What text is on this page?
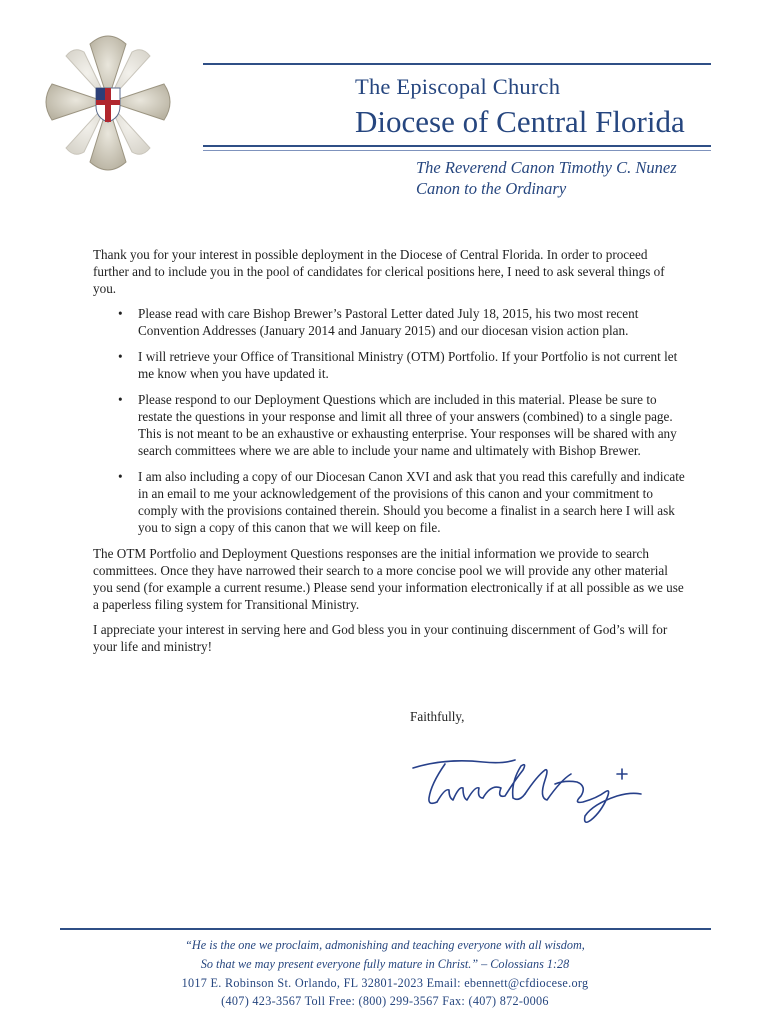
The Episcopal Church
Diocese of Central Florida
The Reverend Canon Timothy C. Nunez
Canon to the Ordinary

Thank you for your interest in possible deployment in the Diocese of Central Florida. In order to proceed further and to include you in the pool of candidates for clerical positions here, I need to ask several things of you.

• Please read with care Bishop Brewer’s Pastoral Letter dated July 18, 2015, his two most recent Convention Addresses (January 2014 and January 2015) and our diocesan vision action plan.
• I will retrieve your Office of Transitional Ministry (OTM) Portfolio. If your Portfolio is not current let me know when you have updated it.
• Please respond to our Deployment Questions which are included in this material. Please be sure to restate the questions in your response and limit all three of your answers (combined) to a single page. This is not meant to be an exhaustive or exhausting enterprise. Your responses will be shared with any search committees where we are able to include your name and ultimately with Bishop Brewer.
• I am also including a copy of our Diocesan Canon XVI and ask that you read this carefully and indicate in an email to me your acknowledgement of the provisions of this canon and your commitment to comply with the provisions contained therein. Should you become a finalist in a search here I will ask you to sign a copy of this canon that we will keep on file.

The OTM Portfolio and Deployment Questions responses are the initial information we provide to search committees. Once they have narrowed their search to a more concise pool we will provide any other material you send (for example a current resume.) Please send your information electronically if at all possible as we use a paperless filing system for Transitional Ministry.

I appreciate your interest in serving here and God bless you in your continuing discernment of God’s will for your life and ministry!

Faithfully,
“He is the one we proclaim, admonishing and teaching everyone with all wisdom,
So that we may present everyone fully mature in Christ.” – Colossians 1:28
1017 E. Robinson St. Orlando, FL 32801-2023 Email: ebennett@cfdiocese.org
(407) 423-3567 Toll Free: (800) 299-3567 Fax: (407) 872-0006
